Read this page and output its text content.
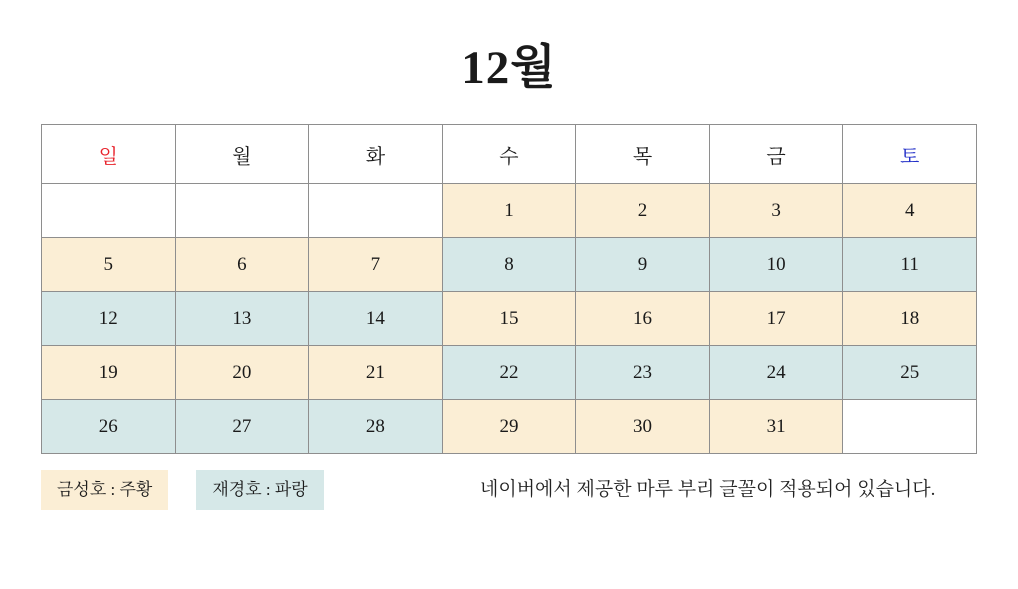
12월
일	월	화	수	목	금	토
			1	2	3	4
5	6	7	8	9	10	11
12	13	14	15	16	17	18
19	20	21	22	23	24	25
26	27	28	29	30	31	
금성호 : 주황	재경호 : 파랑	네이버에서 제공한 마루 부리 글꼴이 적용되어 있습니다.
